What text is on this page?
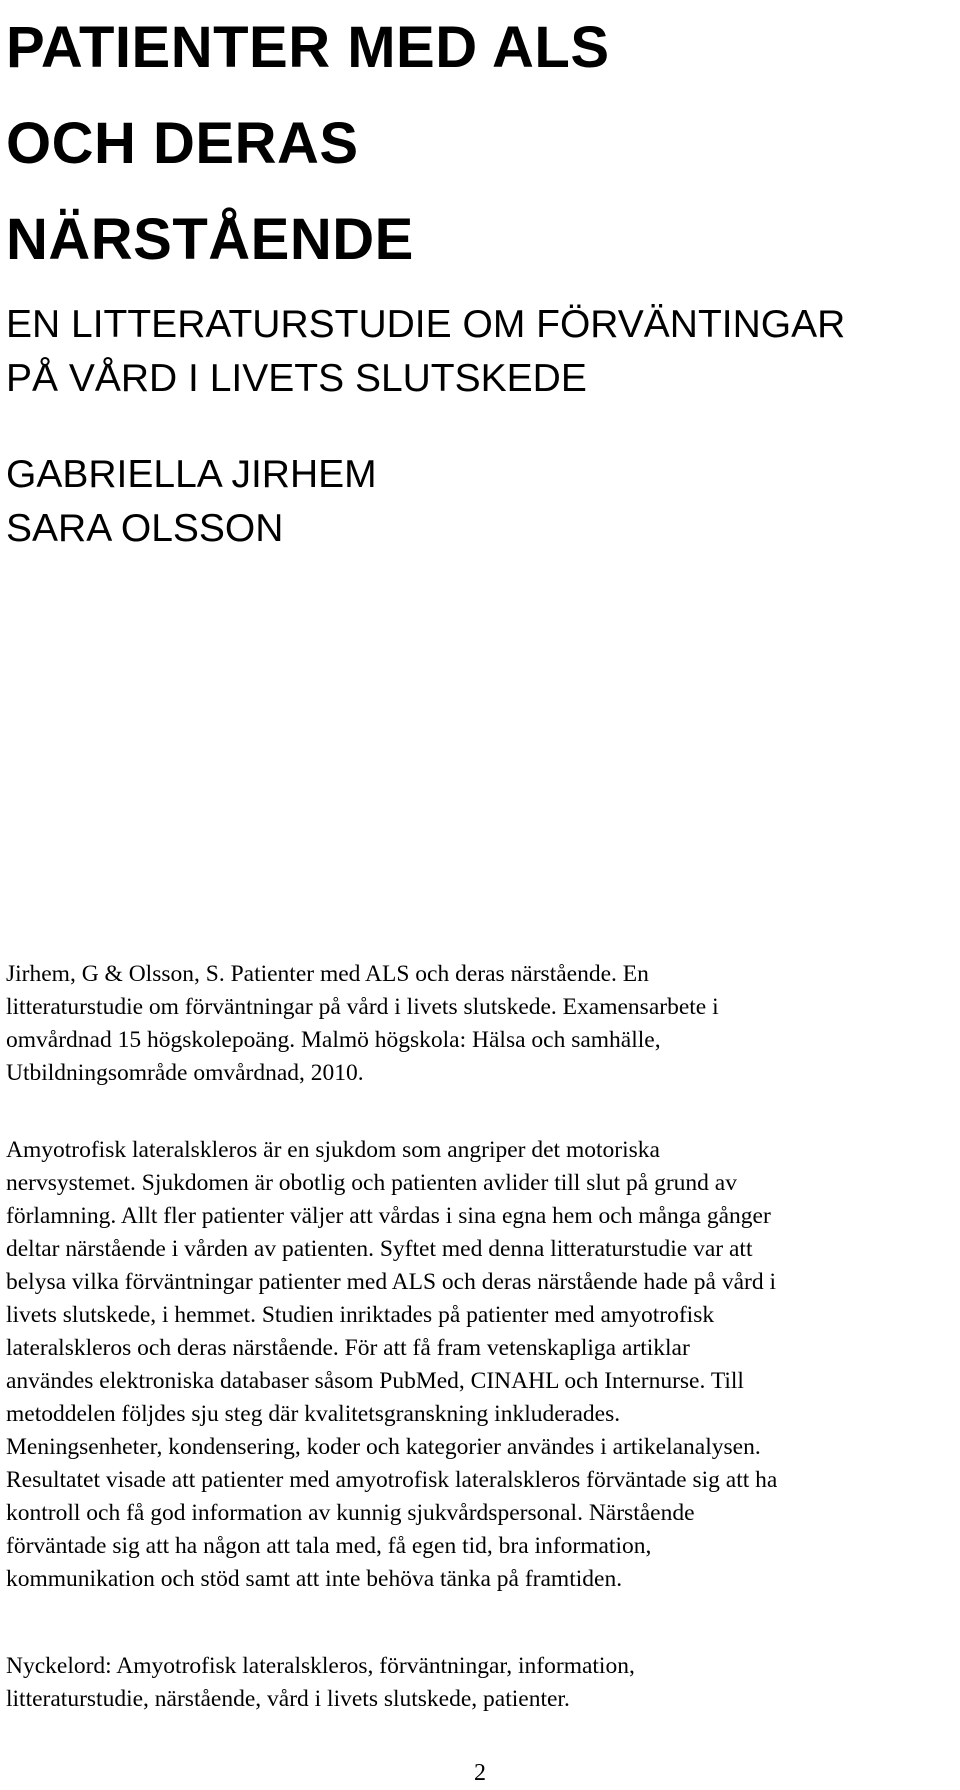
PATIENTER MED ALS
OCH DERAS
NÄRSTÅENDE
EN LITTERATURSTUDIE OM FÖRVÄNTINGAR
PÅ VÅRD I LIVETS SLUTSKEDE
GABRIELLA JIRHEM
SARA OLSSON

Jirhem, G & Olsson, S. Patienter med ALS och deras närstående. En
litteraturstudie om förväntningar på vård i livets slutskede. Examensarbete i
omvårdnad 15 högskolepoäng. Malmö högskola: Hälsa och samhälle,
Utbildningsområde omvårdnad, 2010.

Amyotrofisk lateralskleros är en sjukdom som angriper det motoriska
nervsystemet. Sjukdomen är obotlig och patienten avlider till slut på grund av
förlamning. Allt fler patienter väljer att vårdas i sina egna hem och många gånger
deltar närstående i vården av patienten. Syftet med denna litteraturstudie var att
belysa vilka förväntningar patienter med ALS och deras närstående hade på vård i
livets slutskede, i hemmet. Studien inriktades på patienter med amyotrofisk
lateralskleros och deras närstående. För att få fram vetenskapliga artiklar
användes elektroniska databaser såsom PubMed, CINAHL och Internurse. Till
metoddelen följdes sju steg där kvalitetsgranskning inkluderades.
Meningsenheter, kondensering, koder och kategorier användes i artikelanalysen.
Resultatet visade att patienter med amyotrofisk lateralskleros förväntade sig att ha
kontroll och få god information av kunnig sjukvårdspersonal. Närstående
förväntade sig att ha någon att tala med, få egen tid, bra information,
kommunikation och stöd samt att inte behöva tänka på framtiden.

Nyckelord: Amyotrofisk lateralskleros, förväntningar, information,
litteraturstudie, närstående, vård i livets slutskede, patienter.

2
